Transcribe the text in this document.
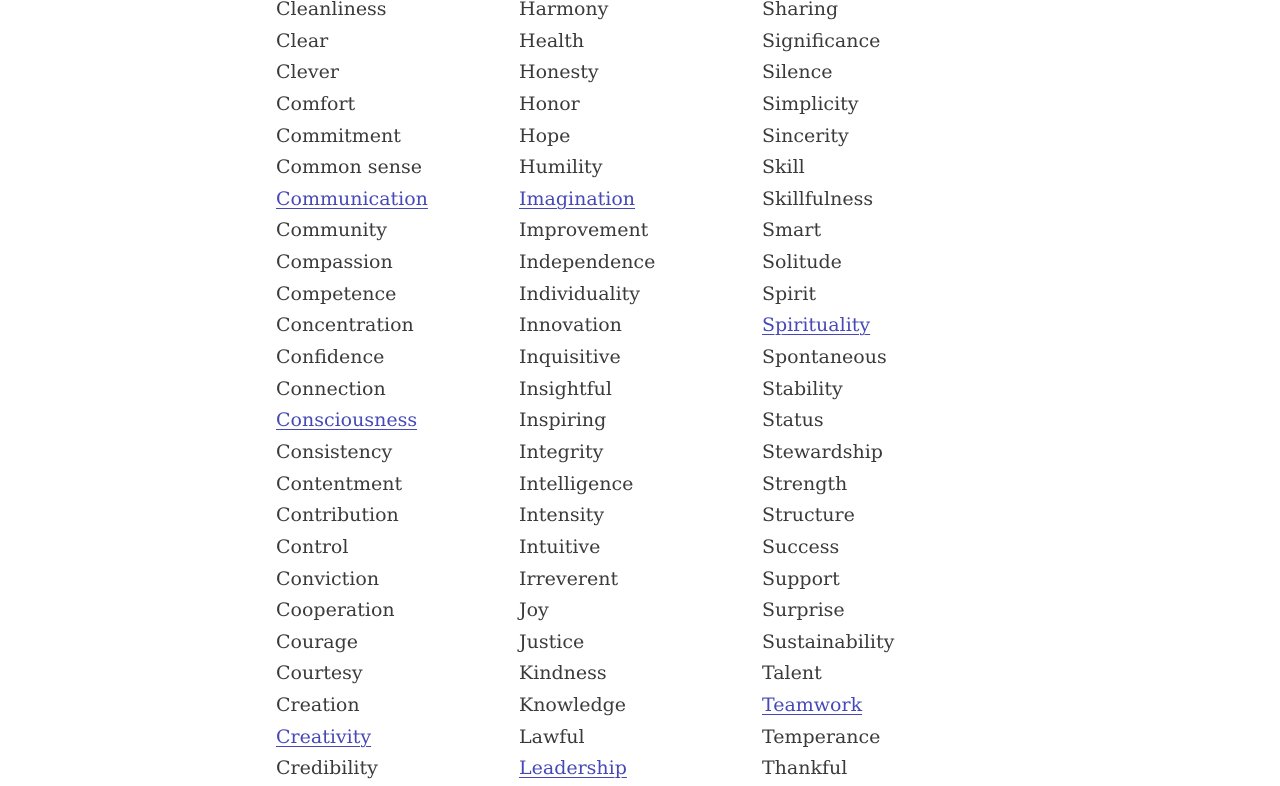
Cleanliness
Clear
Clever
Comfort
Commitment
Common sense
Communication
Community
Compassion
Competence
Concentration
Confidence
Connection
Consciousness
Consistency
Contentment
Contribution
Control
Conviction
Cooperation
Courage
Courtesy
Creation
Creativity
Credibility
Harmony
Health
Honesty
Honor
Hope
Humility
Imagination
Improvement
Independence
Individuality
Innovation
Inquisitive
Insightful
Inspiring
Integrity
Intelligence
Intensity
Intuitive
Irreverent
Joy
Justice
Kindness
Knowledge
Lawful
Leadership
Sharing
Significance
Silence
Simplicity
Sincerity
Skill
Skillfulness
Smart
Solitude
Spirit
Spirituality
Spontaneous
Stability
Status
Stewardship
Strength
Structure
Success
Support
Surprise
Sustainability
Talent
Teamwork
Temperance
Thankful
